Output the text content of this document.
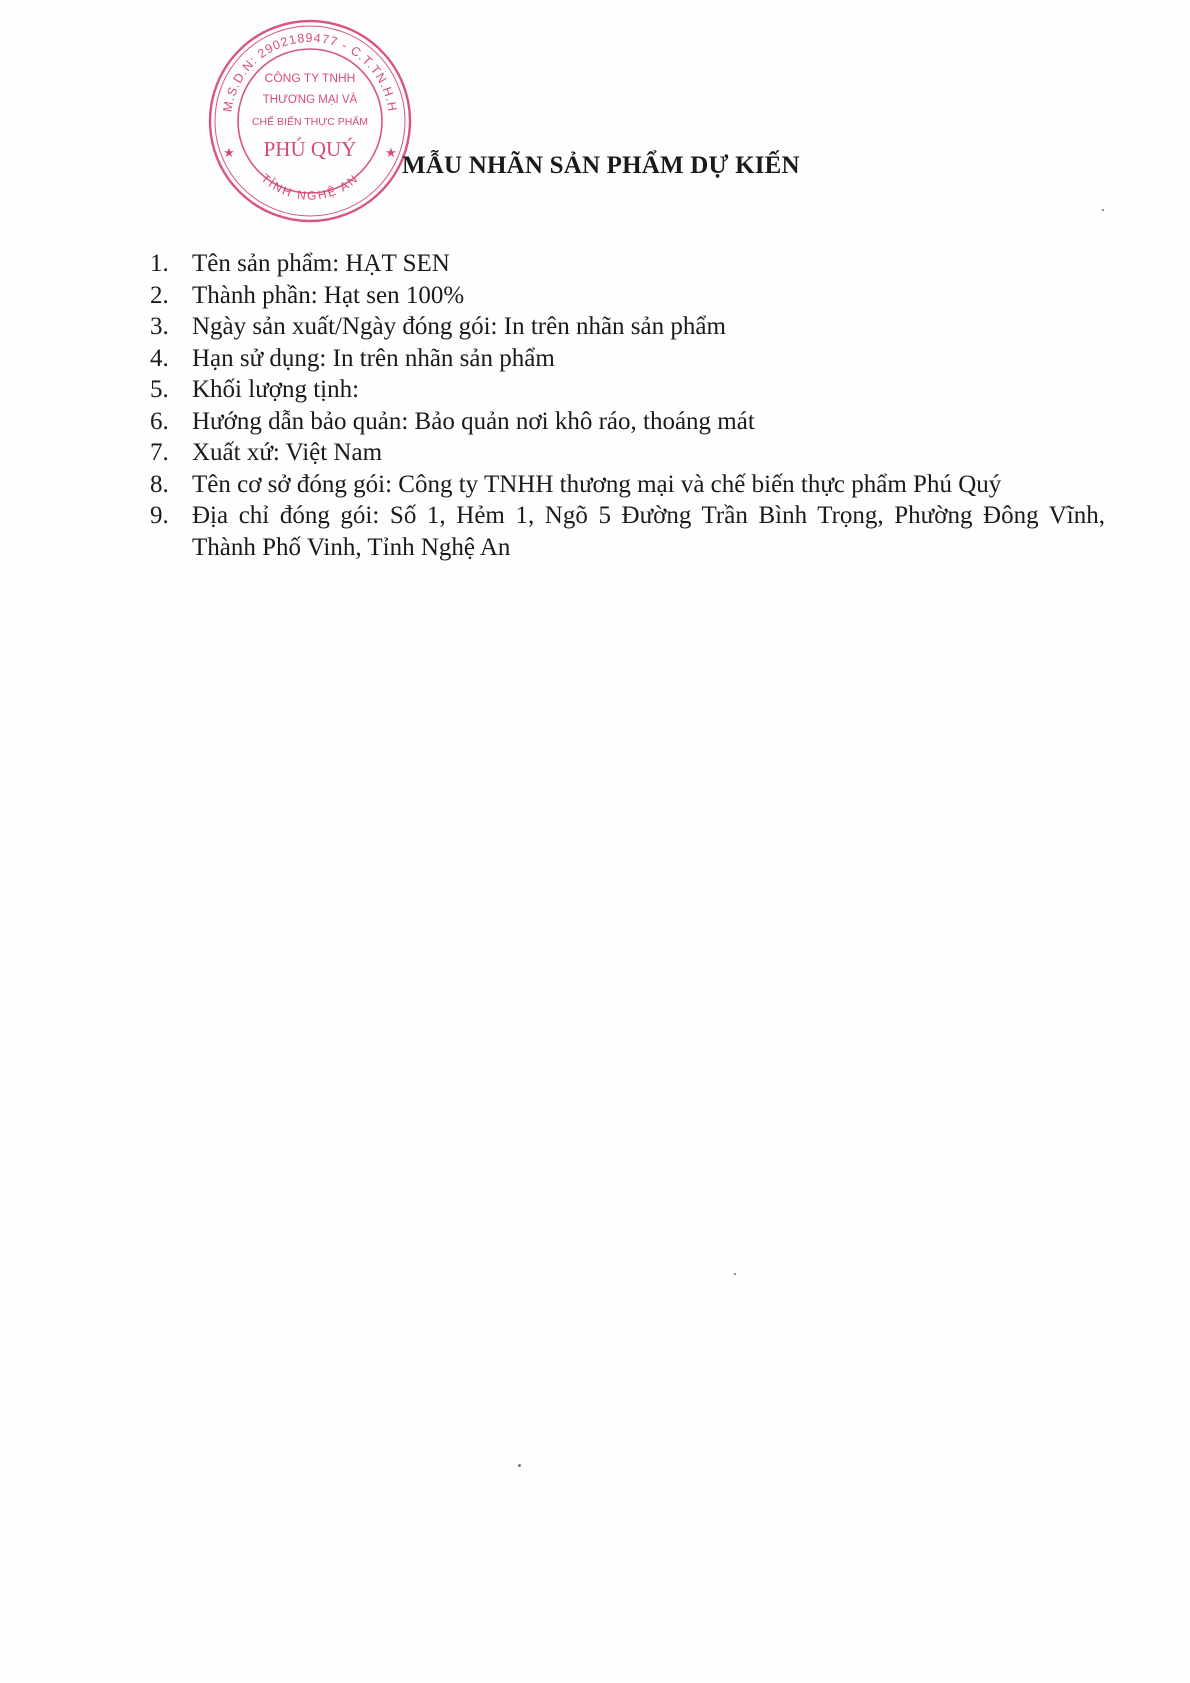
M.S.D.N: 2902189477 - C.T.TN.H.H
TỈNH NGHỆ AN
CÔNG TY TNHH
THƯƠNG MẠI VÀ
CHẾ BIẾN THỰC PHẨM
PHÚ QUÝ
★	★ MẪU NHÃN SẢN PHẨM DỰ KIẾN
1. Tên sản phẩm: HẠT SEN
2. Thành phần: Hạt sen 100%
3. Ngày sản xuất/Ngày đóng gói: In trên nhãn sản phẩm
4. Hạn sử dụng: In trên nhãn sản phẩm
5. Khối lượng tịnh:
6. Hướng dẫn bảo quản: Bảo quản nơi khô ráo, thoáng mát
7. Xuất xứ: Việt Nam
8. Tên cơ sở đóng gói: Công ty TNHH thương mại và chế biến thực phẩm Phú Quý
9. Địa chỉ đóng gói: Số 1, Hẻm 1, Ngõ 5 Đường Trần Bình Trọng, Phường Đông Vĩnh, Thành Phố Vinh, Tỉnh Nghệ An
